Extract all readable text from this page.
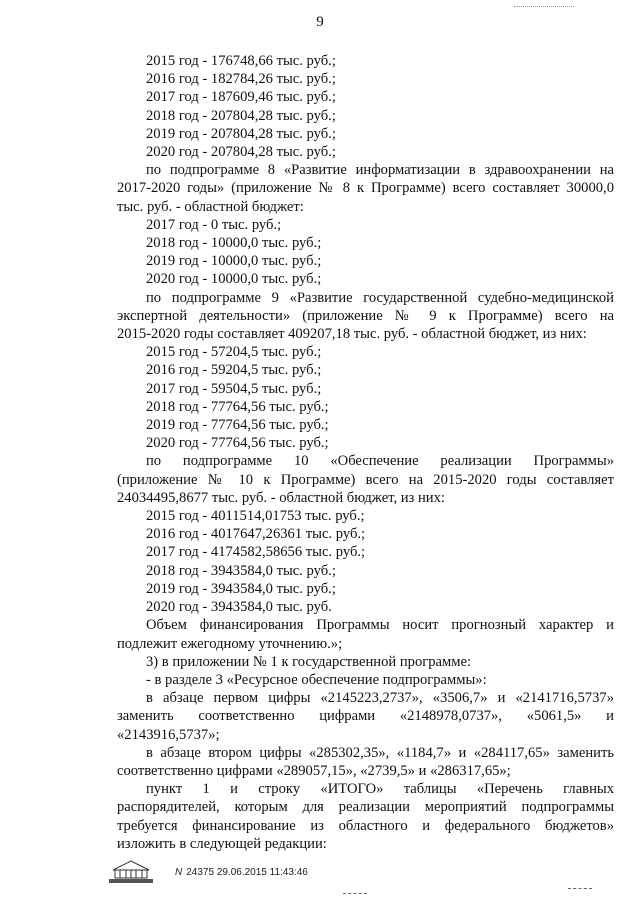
9
2015 год - 176748,66 тыс. руб.;
2016 год - 182784,26 тыс. руб.;
2017 год - 187609,46 тыс. руб.;
2018 год - 207804,28 тыс. руб.;
2019 год - 207804,28 тыс. руб.;
2020 год - 207804,28 тыс. руб.;
по подпрограмме 8 «Развитие информатизации в здравоохранении на
2017-2020 годы» (приложение № 8 к Программе) всего составляет 30000,0
тыс. руб. - областной бюджет:
2017 год - 0 тыс. руб.;
2018 год - 10000,0 тыс. руб.;
2019 год - 10000,0 тыс. руб.;
2020 год - 10000,0 тыс. руб.;
по подпрограмме 9 «Развитие государственной судебно-медицинской
экспертной деятельности» (приложение № 9 к Программе) всего на
2015-2020 годы составляет 409207,18 тыс. руб. - областной бюджет, из них:
2015 год - 57204,5 тыс. руб.;
2016 год - 59204,5 тыс. руб.;
2017 год - 59504,5 тыс. руб.;
2018 год - 77764,56 тыс. руб.;
2019 год - 77764,56 тыс. руб.;
2020 год - 77764,56 тыс. руб.;
по подпрограмме 10 «Обеспечение реализации Программы»
(приложение № 10 к Программе) всего на 2015-2020 годы составляет
24034495,8677 тыс. руб. - областной бюджет, из них:
2015 год - 4011514,01753 тыс. руб.;
2016 год - 4017647,26361 тыс. руб.;
2017 год - 4174582,58656 тыс. руб.;
2018 год - 3943584,0 тыс. руб.;
2019 год - 3943584,0 тыс. руб.;
2020 год - 3943584,0 тыс. руб.
Объем финансирования Программы носит прогнозный характер и
подлежит ежегодному уточнению.»;
3) в приложении № 1 к государственной программе:
- в разделе 3 «Ресурсное обеспечение подпрограммы»:
в абзаце первом цифры «2145223,2737», «3506,7» и «2141716,5737»
заменить соответственно цифрами «2148978,0737», «5061,5» и
«2143916,5737»;
в абзаце втором цифры «285302,35», «1184,7» и «284117,65» заменить
соответственно цифрами «289057,15», «2739,5» и «286317,65»;
пункт 1 и строку «ИТОГО» таблицы «Перечень главных
распорядителей, которым для реализации мероприятий подпрограммы
требуется финансирование из областного и федерального бюджетов»
изложить в следующей редакции:
N 24375 29.06.2015 11:43:46
